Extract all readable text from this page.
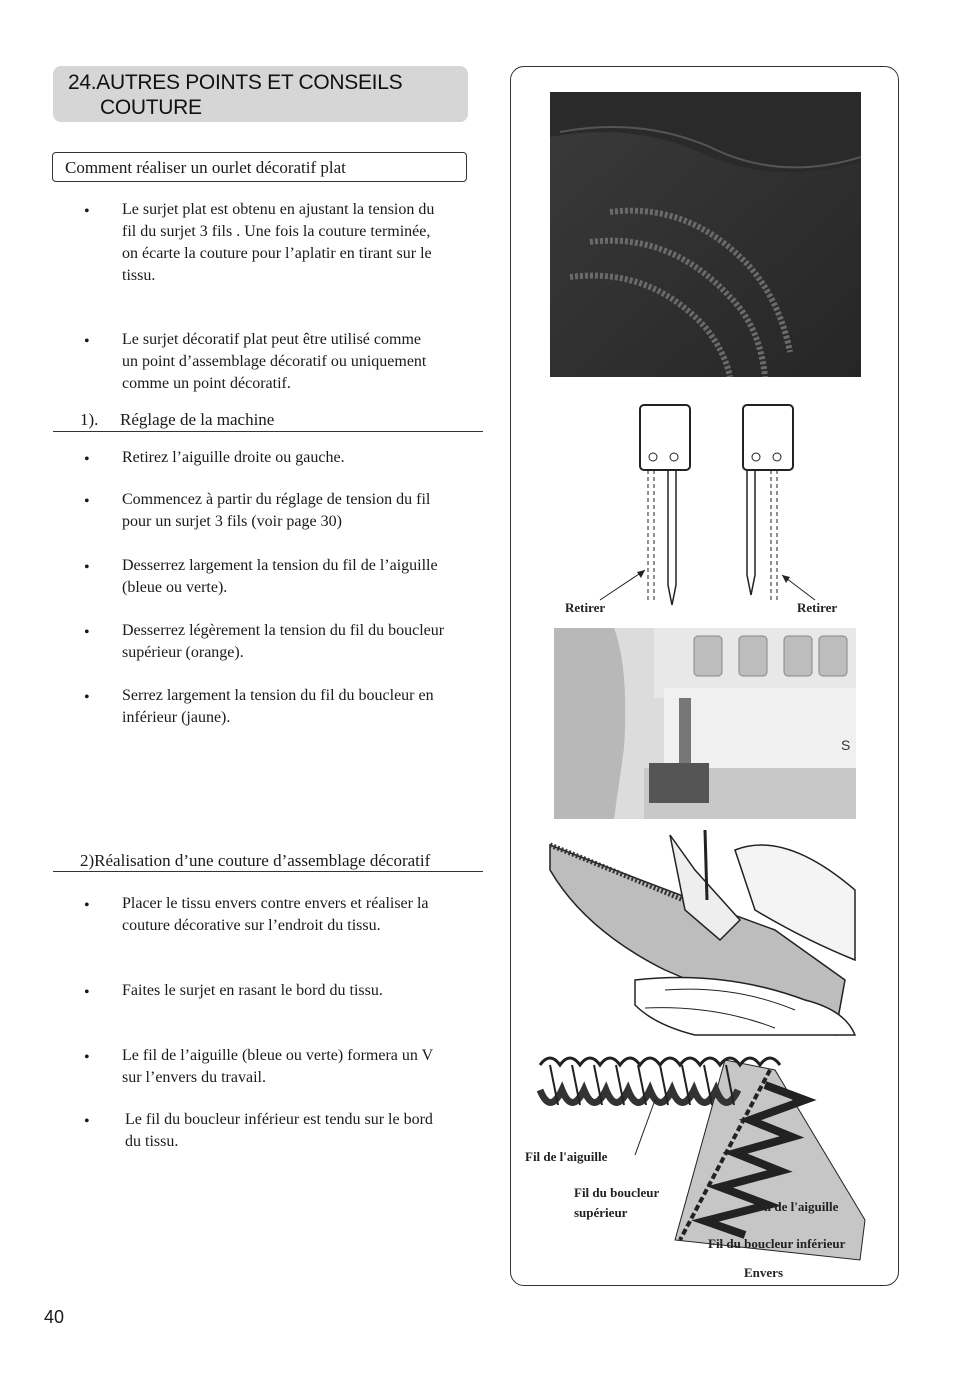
24.AUTRES POINTS ET CONSEILS
COUTURE
Comment réaliser un ourlet décoratif plat
• Le surjet plat est obtenu en ajustant la tension du
fil du surjet 3 fils . Une fois la couture terminée,
on écarte la couture pour l’aplatir en tirant sur le
tissu.
• Le surjet décoratif plat peut être utilisé comme
un point d’assemblage décoratif ou uniquement
comme un point décoratif.
1). Réglage de la machine
• Retirez l’aiguille droite ou gauche.
• Commencez à partir du réglage de tension du fil
pour un surjet 3 fils (voir page 30)
• Desserrez largement la tension du fil de l’aiguille
(bleue ou verte).
• Desserrez légèrement la tension du fil du boucleur
supérieur (orange).
• Serrez largement la tension du fil du boucleur en
inférieur (jaune).
2)Réalisation d’une couture d’assemblage décoratif
• Placer le tissu envers contre envers et réaliser la
couture décorative sur l’endroit du tissu.
• Faites le surjet en rasant le bord du tissu.
• Le fil de l’aiguille (bleue ou verte) formera un V
sur l’envers du travail.
• Le fil du boucleur inférieur est tendu sur le bord
du tissu.
Retirer	Retirer
S
Fil de l'aiguille
Fil du boucleur
supérieur	Fil de l'aiguille
Fil du boucleur inférieur
Envers
40
